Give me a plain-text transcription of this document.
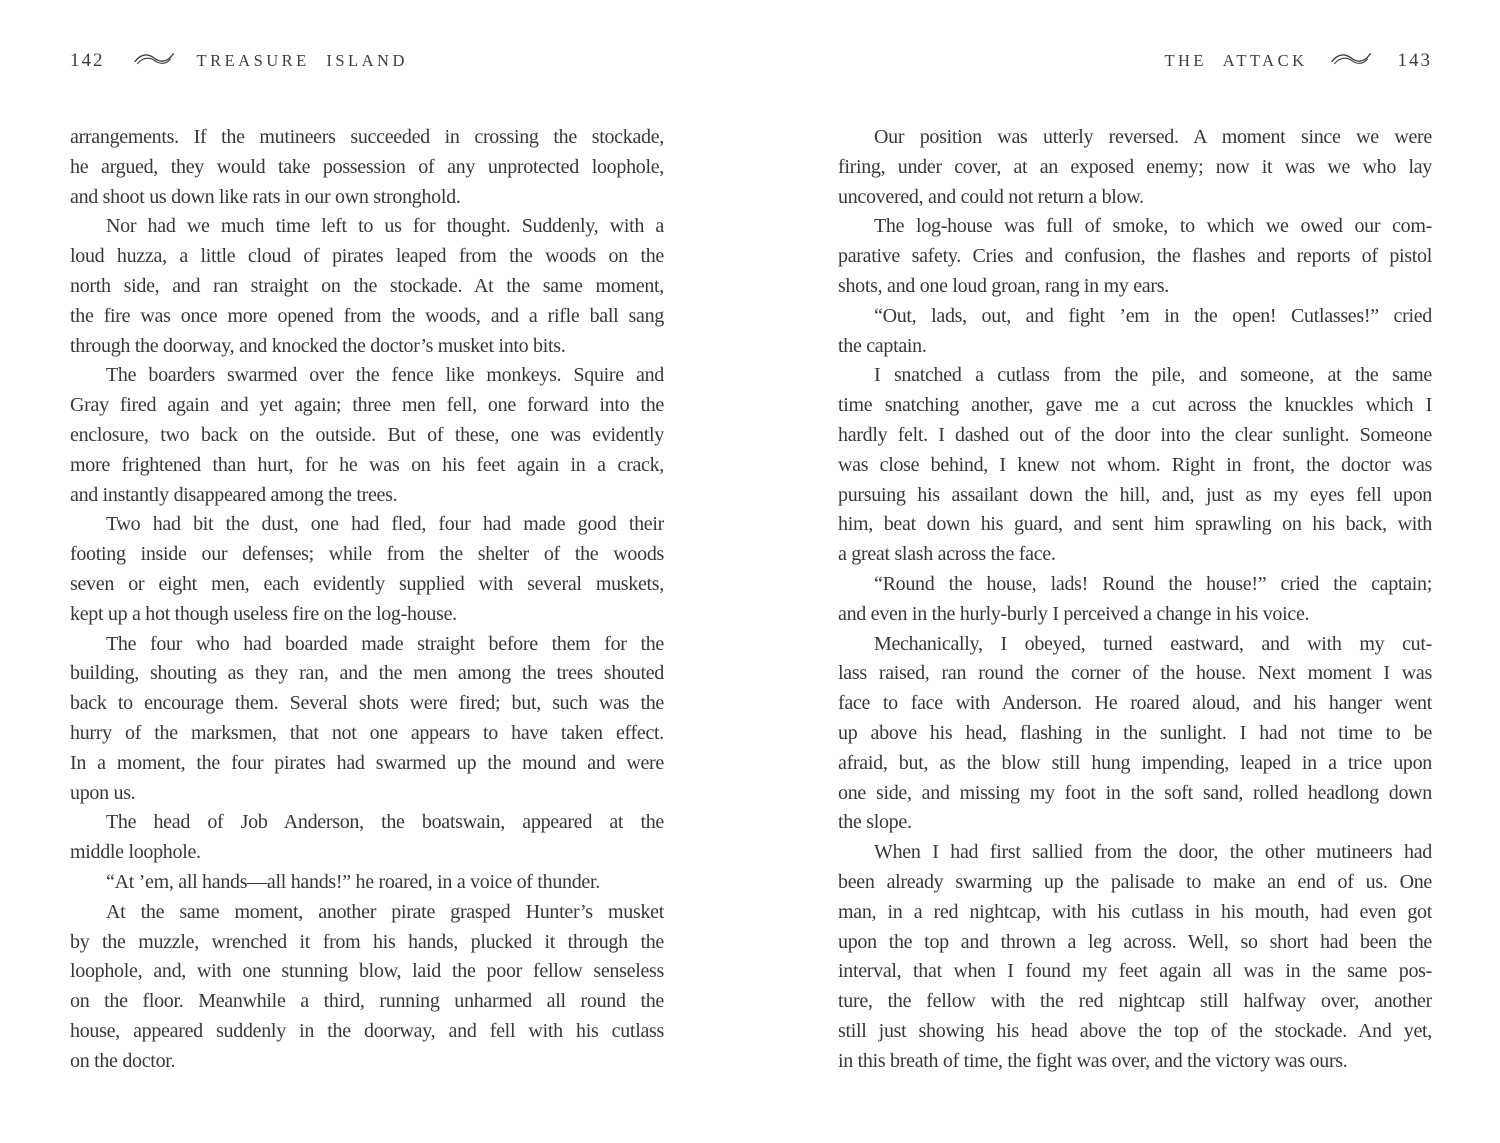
142	TREASURE ISLAND
arrangements. If the mutineers succeeded in crossing the stockade,
he argued, they would take possession of any unprotected loophole,
and shoot us down like rats in our own stronghold.
Nor had we much time left to us for thought. Suddenly, with a
loud huzza, a little cloud of pirates leaped from the woods on the
north side, and ran straight on the stockade. At the same moment,
the fire was once more opened from the woods, and a rifle ball sang
through the doorway, and knocked the doctor’s musket into bits.
The boarders swarmed over the fence like monkeys. Squire and
Gray fired again and yet again; three men fell, one forward into the
enclosure, two back on the outside. But of these, one was evidently
more frightened than hurt, for he was on his feet again in a crack,
and instantly disappeared among the trees.
Two had bit the dust, one had fled, four had made good their
footing inside our defenses; while from the shelter of the woods
seven or eight men, each evidently supplied with several muskets,
kept up a hot though useless fire on the log-house.
The four who had boarded made straight before them for the
building, shouting as they ran, and the men among the trees shouted
back to encourage them. Several shots were fired; but, such was the
hurry of the marksmen, that not one appears to have taken effect.
In a moment, the four pirates had swarmed up the mound and were
upon us.
The head of Job Anderson, the boatswain, appeared at the
middle loophole.
“At ’em, all hands—all hands!” he roared, in a voice of thunder.
At the same moment, another pirate grasped Hunter’s musket
by the muzzle, wrenched it from his hands, plucked it through the
loophole, and, with one stunning blow, laid the poor fellow senseless
on the floor. Meanwhile a third, running unharmed all round the
house, appeared suddenly in the doorway, and fell with his cutlass
on the doctor.
THE ATTACK	143
Our position was utterly reversed. A moment since we were
firing, under cover, at an exposed enemy; now it was we who lay
uncovered, and could not return a blow.
The log-house was full of smoke, to which we owed our com-
parative safety. Cries and confusion, the flashes and reports of pistol
shots, and one loud groan, rang in my ears.
“Out, lads, out, and fight ’em in the open! Cutlasses!” cried
the captain.
I snatched a cutlass from the pile, and someone, at the same
time snatching another, gave me a cut across the knuckles which I
hardly felt. I dashed out of the door into the clear sunlight. Someone
was close behind, I knew not whom. Right in front, the doctor was
pursuing his assailant down the hill, and, just as my eyes fell upon
him, beat down his guard, and sent him sprawling on his back, with
a great slash across the face.
“Round the house, lads! Round the house!” cried the captain;
and even in the hurly-burly I perceived a change in his voice.
Mechanically, I obeyed, turned eastward, and with my cut-
lass raised, ran round the corner of the house. Next moment I was
face to face with Anderson. He roared aloud, and his hanger went
up above his head, flashing in the sunlight. I had not time to be
afraid, but, as the blow still hung impending, leaped in a trice upon
one side, and missing my foot in the soft sand, rolled headlong down
the slope.
When I had first sallied from the door, the other mutineers had
been already swarming up the palisade to make an end of us. One
man, in a red nightcap, with his cutlass in his mouth, had even got
upon the top and thrown a leg across. Well, so short had been the
interval, that when I found my feet again all was in the same pos-
ture, the fellow with the red nightcap still halfway over, another
still just showing his head above the top of the stockade. And yet,
in this breath of time, the fight was over, and the victory was ours.
